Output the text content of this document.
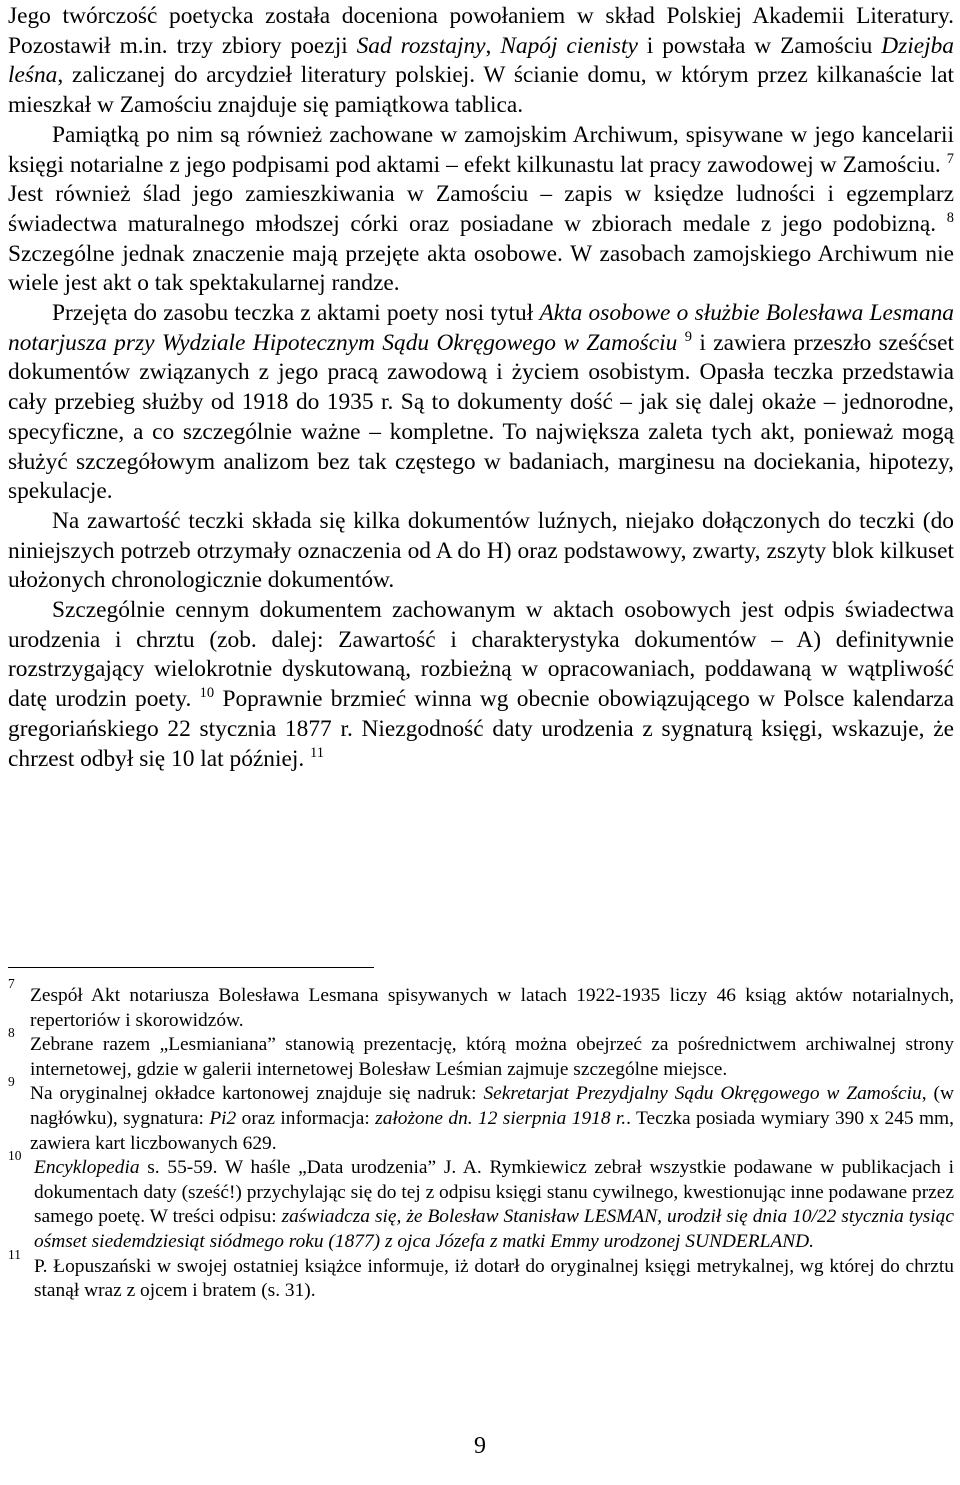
Jego twórczość poetycka została doceniona powołaniem w skład Polskiej Akademii Literatury. Pozostawił m.in. trzy zbiory poezji Sad rozstajny, Napój cienisty i powstała w Zamościu Dziejba leśna, zaliczanej do arcydzieł literatury polskiej. W ścianie domu, w którym przez kilkanaście lat mieszkał w Zamościu znajduje się pamiątkowa tablica.

Pamiątką po nim są również zachowane w zamojskim Archiwum, spisywane w jego kancelarii księgi notarialne z jego podpisami pod aktami – efekt kilkunastu lat pracy zawodowej w Zamościu. $^7$ Jest również ślad jego zamieszkiwania w Zamościu – zapis w księdze ludności i egzemplarz świadectwa maturalnego młodszej córki oraz posiadane w zbiorach medale z jego podobizną. $^8$ Szczególne jednak znaczenie mają przejęte akta osobowe. W zasobach zamojskiego Archiwum nie wiele jest akt o tak spektakularnej randze.

Przejęta do zasobu teczka z aktami poety nosi tytuł Akta osobowe o służbie Bolesława Lesmana notarjusza przy Wydziale Hipotecznym Sądu Okręgowego w Zamościu $^9$ i zawiera przeszło sześćset dokumentów związanych z jego pracą zawodową i życiem osobistym. Opasła teczka przedstawia cały przebieg służby od 1918 do 1935 r. Są to dokumenty dość – jak się dalej okaże – jednorodne, specyficzne, a co szczególnie ważne – kompletne. To największa zaleta tych akt, ponieważ mogą służyć szczegółowym analizom bez tak częstego w badaniach, marginesu na dociekania, hipotezy, spekulacje.

Na zawartość teczki składa się kilka dokumentów luźnych, niejako dołączonych do teczki (do niniejszych potrzeb otrzymały oznaczenia od A do H) oraz podstawowy, zwarty, zszyty blok kilkuset ułożonych chronologicznie dokumentów.

Szczególnie cennym dokumentem zachowanym w aktach osobowych jest odpis świadectwa urodzenia i chrztu (zob. dalej: Zawartość i charakterystyka dokumentów – A) definitywnie rozstrzygający wielokrotnie dyskutowaną, rozbieżną w opracowaniach, poddawaną w wątpliwość datę urodzin poety. $^{10}$ Poprawnie brzmieć winna wg obecnie obowiązującego w Polsce kalendarza gregoriańskiego 22 stycznia 1877 r. Niezgodność daty urodzenia z sygnaturą księgi, wskazuje, że chrzest odbył się 10 lat później. $^{11}$

7
Zespół Akt notariusza Bolesława Lesmana spisywanych w latach 1922-1935 liczy 46 ksiąg aktów notarialnych, repertoriów i skorowidzów.
8
Zebrane razem „Lesmianiana” stanowią prezentację, którą można obejrzeć za pośrednictwem archiwalnej strony internetowej, gdzie w galerii internetowej Bolesław Leśmian zajmuje szczególne miejsce.
9
Na oryginalnej okładce kartonowej znajduje się nadruk: Sekretarjat Prezydjalny Sądu Okręgowego w Zamościu, (w nagłówku), sygnatura: Pi2 oraz informacja: założone dn. 12 sierpnia 1918 r.. Teczka posiada wymiary 390 x 245 mm, zawiera kart liczbowanych 629.
10
Encyklopedia s. 55-59. W haśle „Data urodzenia” J. A. Rymkiewicz zebrał wszystkie podawane w publikacjach i dokumentach daty (sześć!) przychylając się do tej z odpisu księgi stanu cywilnego, kwestionując inne podawane przez samego poetę. W treści odpisu: zaświadcza się, że Bolesław Stanisław LESMAN, urodził się dnia 10/22 stycznia tysiąc ośmset siedemdziesiąt siódmego roku (1877) z ojca Józefa z matki Emmy urodzonej SUNDERLAND.
11
P. Łopuszański w swojej ostatniej książce informuje, iż dotarł do oryginalnej księgi metrykalnej, wg której do chrztu stanął wraz z ojcem i bratem (s. 31).
9
